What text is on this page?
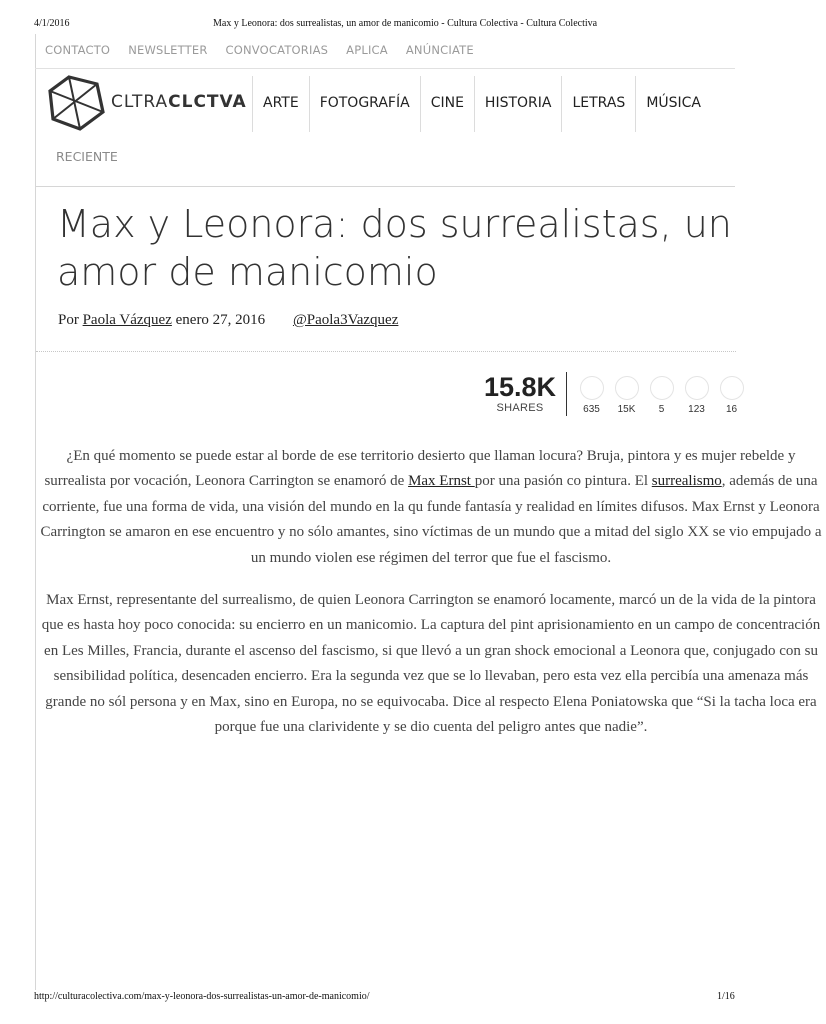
4/1/2016	Max y Leonora: dos surrealistas, un amor de manicomio - Cultura Colectiva - Cultura Colectiva
CONTACTO NEWSLETTER CONVOCATORIAS APLICA ANÚNCIATE
CLTRACLCTVA	ARTE	FOTOGRAFÍA	CINE	HISTORIA	LETRAS	MÚSICA
RECIENTE
Max y Leonora: dos surrealistas, un
amor de manicomio
Por Paola Vázquez enero 27, 2016 @Paola3Vazquez
15.8K
SHARES	635	15K	5	123	16

¿En qué momento se puede estar al borde de ese territorio desierto que llaman locura? Bruja, pintora y es mujer rebelde y surrealista por vocación, Leonora Carrington se enamoró de Max Ernst por una pasión co pintura. El surrealismo, además de una corriente, fue una forma de vida, una visión del mundo en la qu funde fantasía y realidad en límites difusos. Max Ernst y Leonora Carrington se amaron en ese encuentro y no sólo amantes, sino víctimas de un mundo que a mitad del siglo XX se vio empujado a un mundo violen ese régimen del terror que fue el fascismo.

Max Ernst, representante del surrealismo, de quien Leonora Carrington se enamoró locamente, marcó un de la vida de la pintora que es hasta hoy poco conocida: su encierro en un manicomio. La captura del pint aprisionamiento en un campo de concentración en Les Milles, Francia, durante el ascenso del fascismo, si que llevó a un gran shock emocional a Leonora que, conjugado con su sensibilidad política, desencaden encierro. Era la segunda vez que se lo llevaban, pero esta vez ella percibía una amenaza más grande no sól persona y en Max, sino en Europa, no se equivocaba. Dice al respecto Elena Poniatowska que “Si la tacha loca era porque fue una clarividente y se dio cuenta del peligro antes que nadie”.

http://culturacolectiva.com/max-y-leonora-dos-surrealistas-un-amor-de-manicomio/	1/16
